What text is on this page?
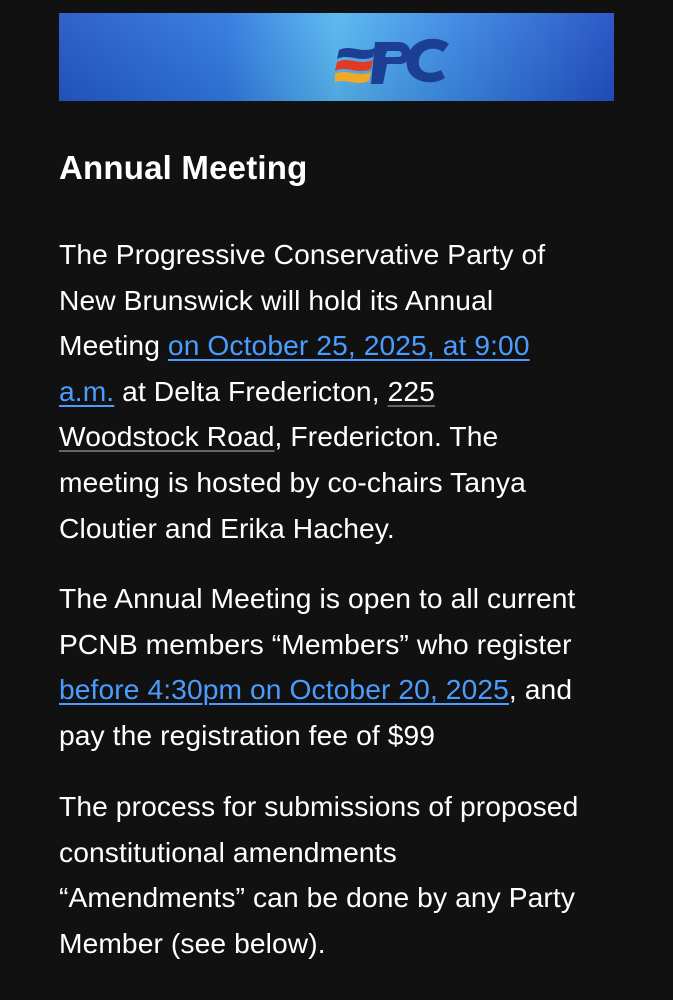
Annual Meeting

The Progressive Conservative Party of
New Brunswick will hold its Annual
Meeting on October 25, 2025, at 9:00
a.m. at Delta Fredericton, 225
Woodstock Road, Fredericton. The
meeting is hosted by co-chairs Tanya
Cloutier and Erika Hachey.

The Annual Meeting is open to all current
PCNB members “Members” who register
before 4:30pm on October 20, 2025, and
pay the registration fee of $99

The process for submissions of proposed
constitutional amendments
“Amendments” can be done by any Party
Member (see below).
